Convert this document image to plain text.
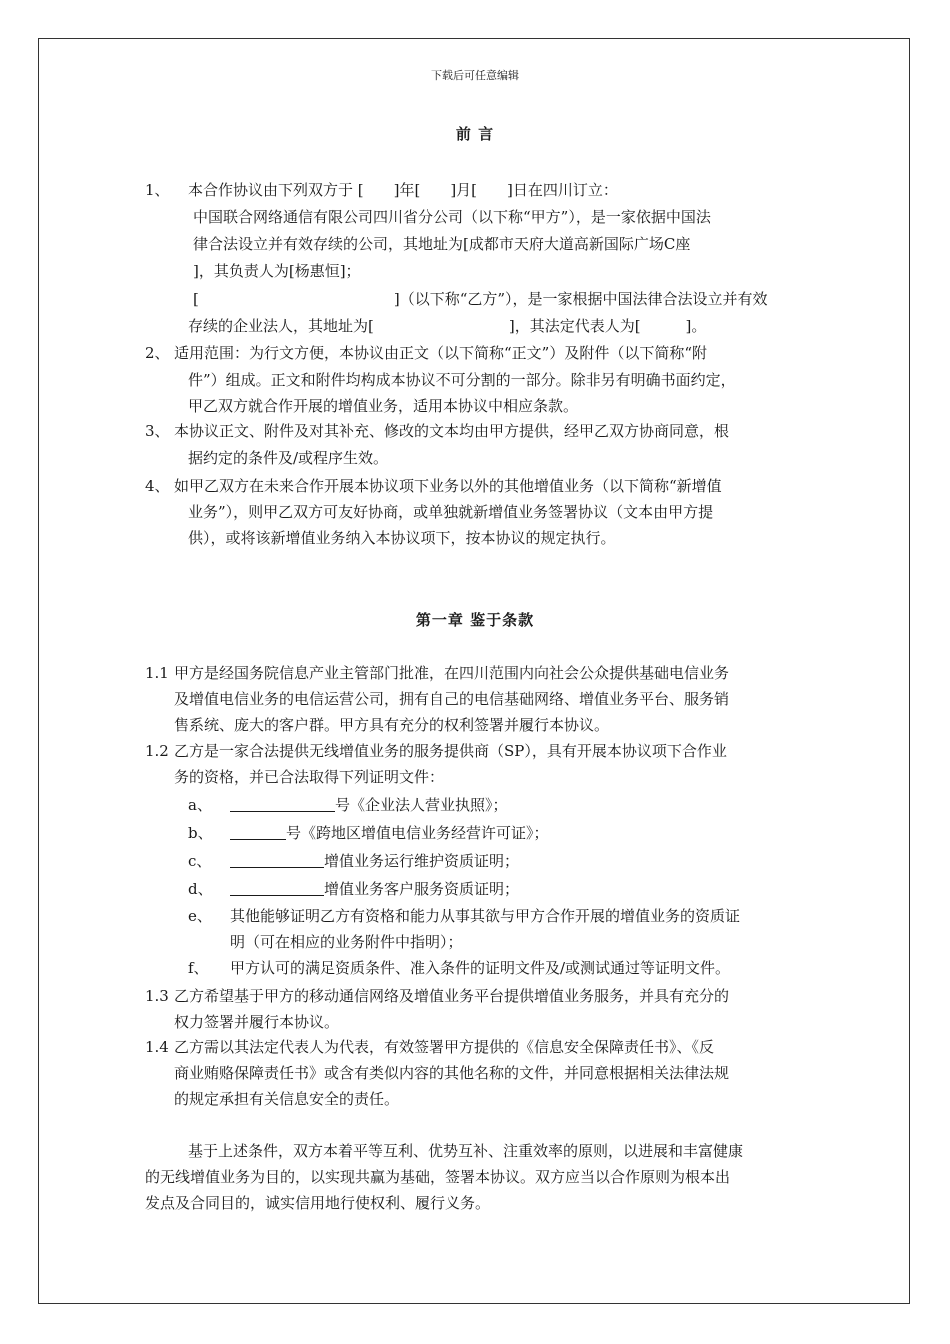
下载后可任意编辑
前 言
1、 本合作协议由下列双方于 [　　]年[　　]月[　　]日在四川订立：
中国联合网络通信有限公司四川省分公司（以下称“甲方”），是一家依据中国法
律合法设立并有效存续的公司，其地址为[成都市天府大道高新国际广场C座
]，其负责人为[杨惠恒]；
[　　　　　　　　　　　　　]（以下称“乙方”），是一家根据中国法律合法设立并有效
存续的企业法人，其地址为[　　　　　　　　　]，其法定代表人为[　　　]。
2、 适用范围：为行文方便，本协议由正文（以下简称“正文”）及附件（以下简称“附
件”）组成。正文和附件均构成本协议不可分割的一部分。除非另有明确书面约定，
甲乙双方就合作开展的增值业务，适用本协议中相应条款。
3、 本协议正文、附件及对其补充、修改的文本均由甲方提供，经甲乙双方协商同意，根
据约定的条件及/或程序生效。
4、 如甲乙双方在未来合作开展本协议项下业务以外的其他增值业务（以下简称“新增值
业务”），则甲乙双方可友好协商，或单独就新增值业务签署协议（文本由甲方提
供），或将该新增值业务纳入本协议项下，按本协议的规定执行。
第一章 鉴于条款
1.1 甲方是经国务院信息产业主管部门批准，在四川范围内向社会公众提供基础电信业务
及增值电信业务的电信运营公司，拥有自己的电信基础网络、增值业务平台、服务销
售系统、庞大的客户群。甲方具有充分的权利签署并履行本协议。
1.2 乙方是一家合法提供无线增值业务的服务提供商（SP），具有开展本协议项下合作业
务的资格，并已合法取得下列证明文件：
a、	号《企业法人营业执照》；
b、	号《跨地区增值电信业务经营许可证》；
c、	增值业务运行维护资质证明；
d、	增值业务客户服务资质证明；
e、 其他能够证明乙方有资格和能力从事其欲与甲方合作开展的增值业务的资质证
明（可在相应的业务附件中指明）；
f、 甲方认可的满足资质条件、准入条件的证明文件及/或测试通过等证明文件。
1.3 乙方希望基于甲方的移动通信网络及增值业务平台提供增值业务服务，并具有充分的
权力签署并履行本协议。
1.4 乙方需以其法定代表人为代表，有效签署甲方提供的《信息安全保障责任书》、《反
商业贿赂保障责任书》或含有类似内容的其他名称的文件，并同意根据相关法律法规
的规定承担有关信息安全的责任。
基于上述条件，双方本着平等互利、优势互补、注重效率的原则，以进展和丰富健康
的无线增值业务为目的，以实现共赢为基础，签署本协议。双方应当以合作原则为根本出
发点及合同目的，诚实信用地行使权利、履行义务。
